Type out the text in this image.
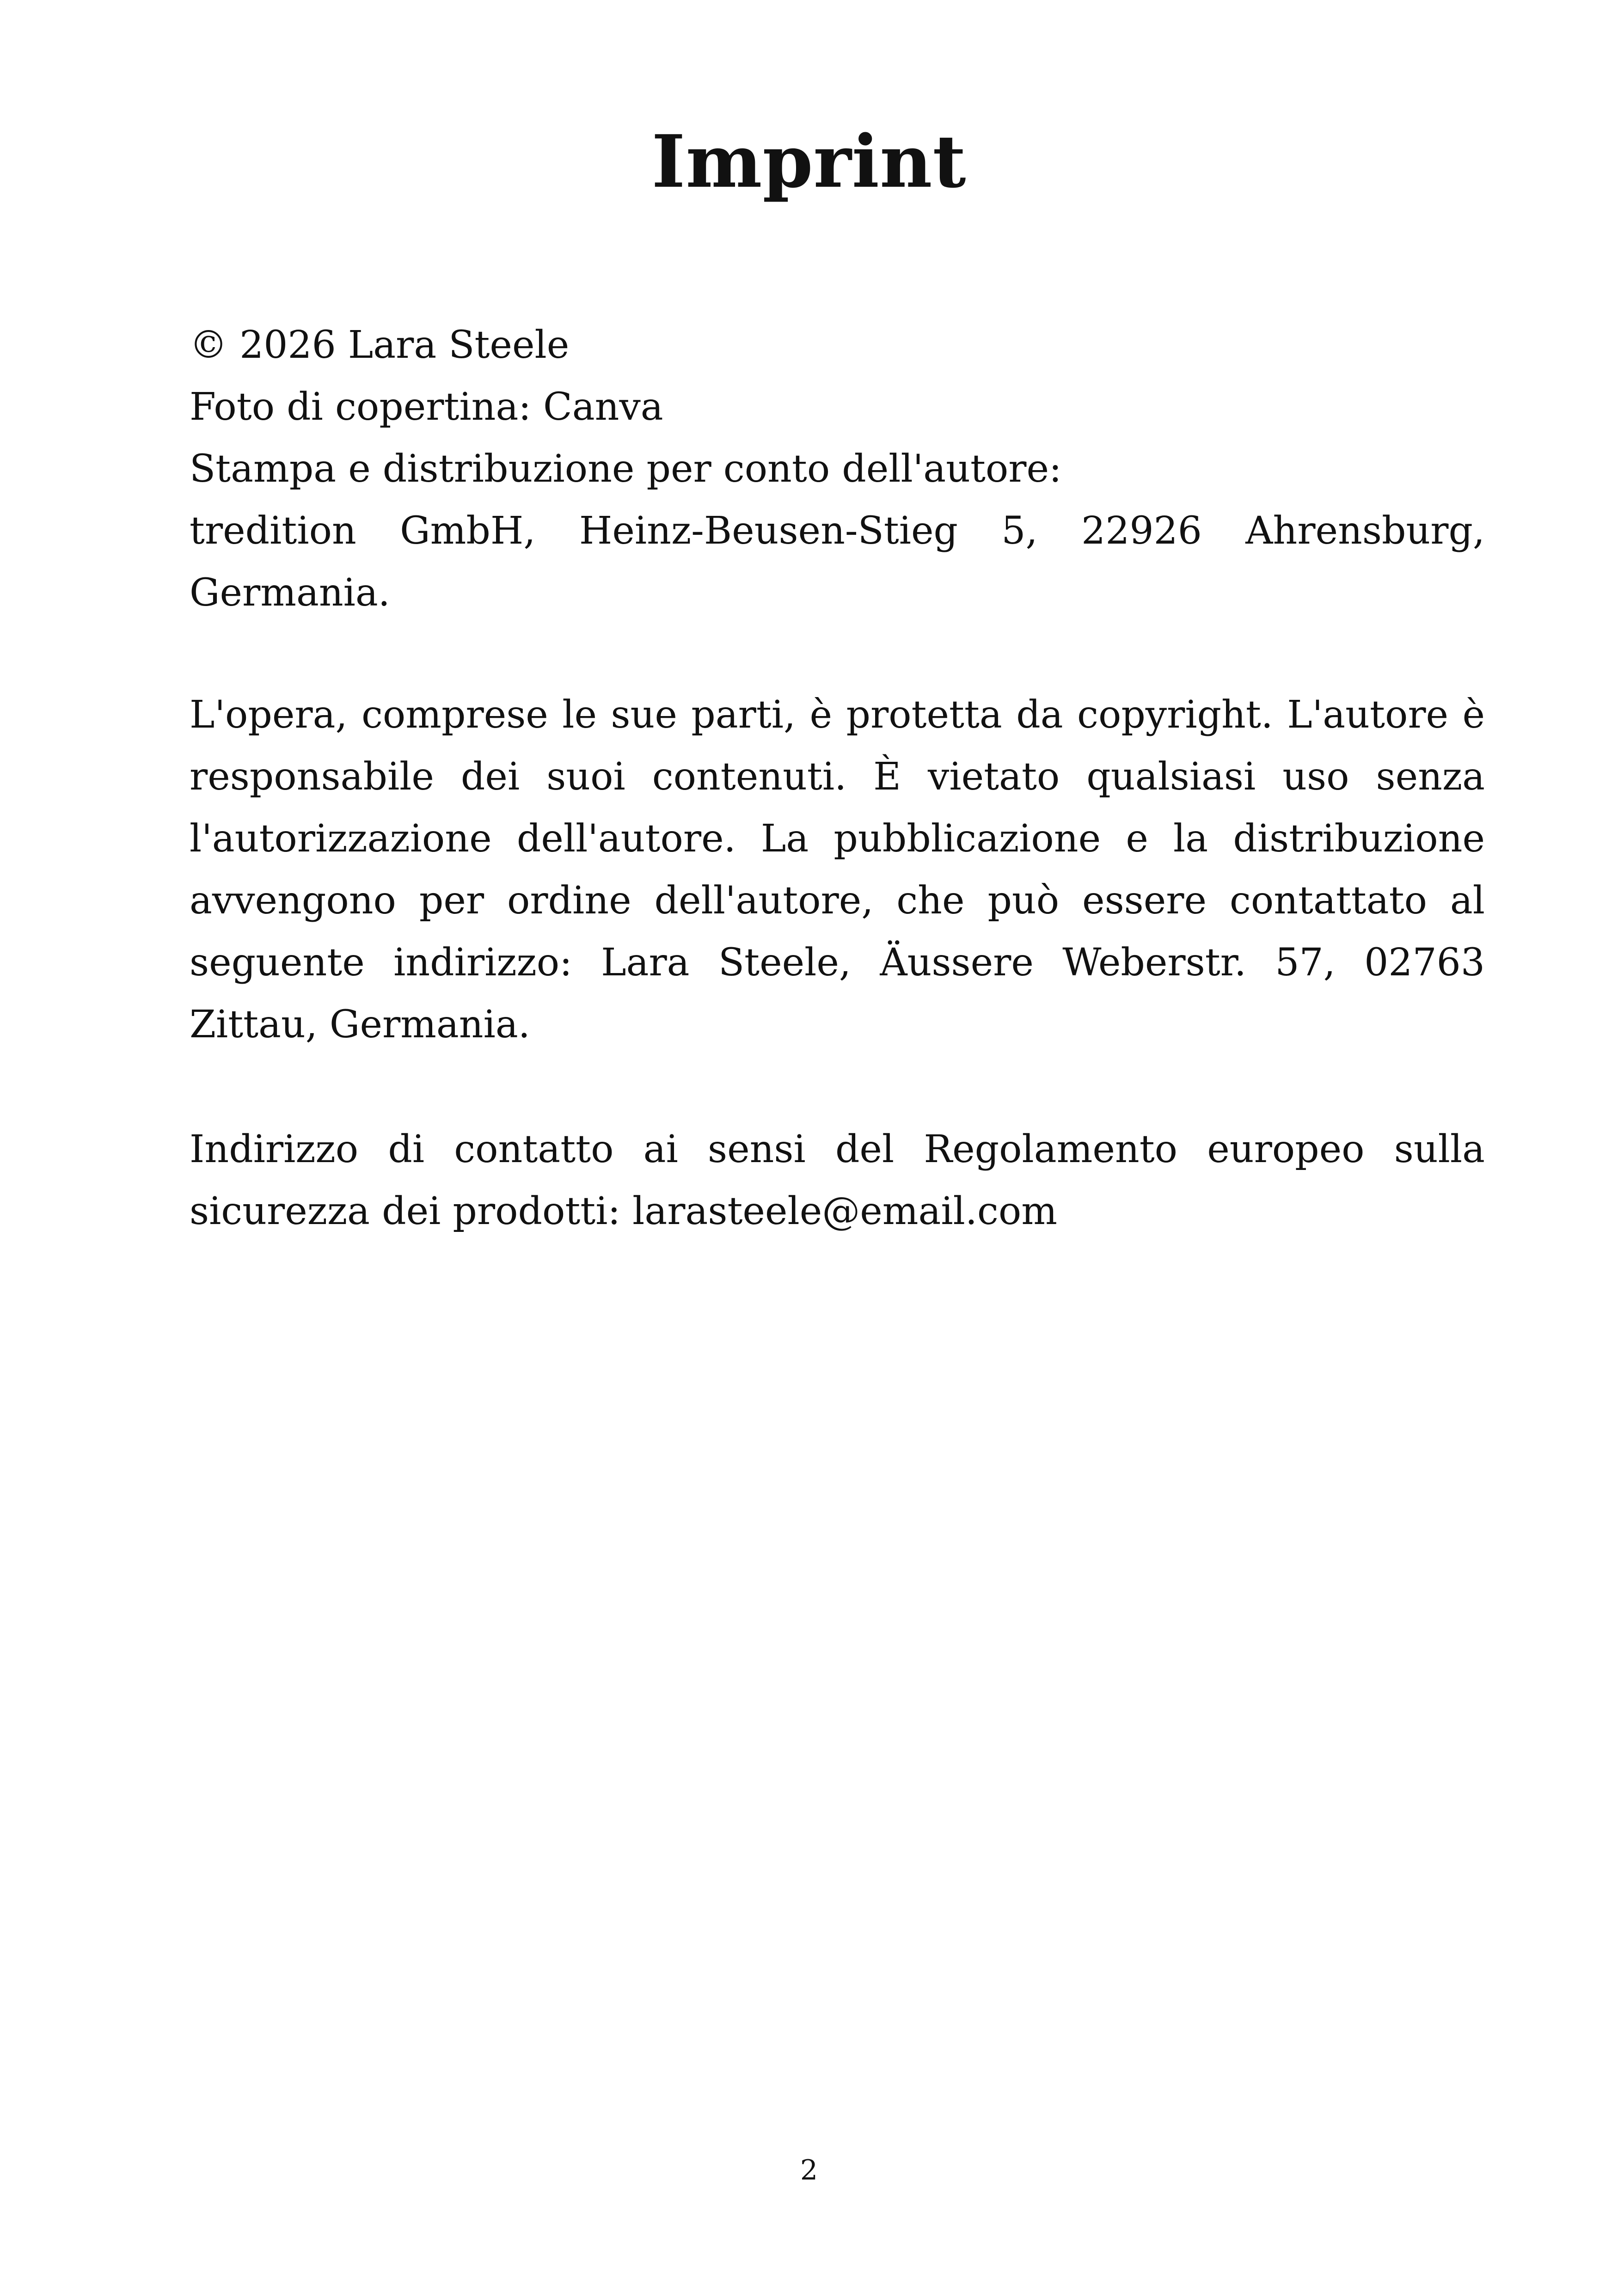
Imprint
© 2026 Lara Steele
Foto di copertina: Canva
Stampa e distribuzione per conto dell'autore:
tredition GmbH, Heinz-Beusen-Stieg 5, 22926 Ahrensburg,
Germania.

L'opera, comprese le sue parti, è protetta da copyright. L'autore è responsabile dei suoi contenuti. È vietato qualsiasi uso senza l'autorizzazione dell'autore. La pubblicazione e la distribuzione avvengono per ordine dell'autore, che può essere contattato al seguente indirizzo: Lara Steele, Äussere Weberstr. 57, 02763 Zittau, Germania.

Indirizzo di contatto ai sensi del Regolamento europeo sulla sicurezza dei prodotti: larasteele@email.com

2
